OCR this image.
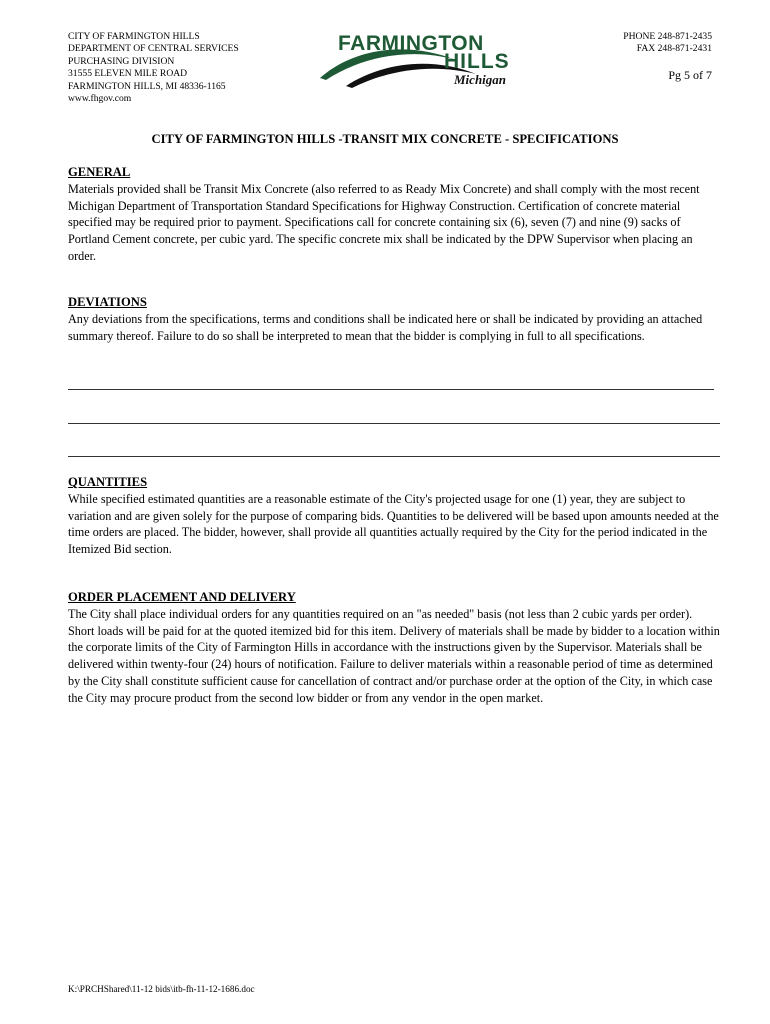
CITY OF FARMINGTON HILLS
DEPARTMENT OF CENTRAL SERVICES
PURCHASING DIVISION
31555 ELEVEN MILE ROAD
FARMINGTON HILLS, MI 48336-1165
www.fhgov.com
FARMINGTON
HILLS
Michigan
PHONE 248-871-2435
FAX 248-871-2431
Pg 5 of 7
CITY OF FARMINGTON HILLS -TRANSIT MIX CONCRETE - SPECIFICATIONS
GENERAL

Materials provided shall be Transit Mix Concrete (also referred to as Ready Mix Concrete) and shall comply with the most recent Michigan Department of Transportation Standard Specifications for Highway Construction. Certification of concrete material specified may be required prior to payment. Specifications call for concrete containing six (6), seven (7) and nine (9) sacks of Portland Cement concrete, per cubic yard. The specific concrete mix shall be indicated by the DPW Supervisor when placing an order.

DEVIATIONS

Any deviations from the specifications, terms and conditions shall be indicated here or shall be indicated by providing an attached summary thereof. Failure to do so shall be interpreted to mean that the bidder is complying in full to all specifications.

QUANTITIES

While specified estimated quantities are a reasonable estimate of the City's projected usage for one (1) year, they are subject to variation and are given solely for the purpose of comparing bids. Quantities to be delivered will be based upon amounts needed at the time orders are placed. The bidder, however, shall provide all quantities actually required by the City for the period indicated in the Itemized Bid section.

ORDER PLACEMENT AND DELIVERY

The City shall place individual orders for any quantities required on an "as needed" basis (not less than 2 cubic yards per order). Short loads will be paid for at the quoted itemized bid for this item. Delivery of materials shall be made by bidder to a location within the corporate limits of the City of Farmington Hills in accordance with the instructions given by the Supervisor. Materials shall be delivered within twenty-four (24) hours of notification. Failure to deliver materials within a reasonable period of time as determined by the City shall constitute sufficient cause for cancellation of contract and/or purchase order at the option of the City, in which case the City may procure product from the second low bidder or from any vendor in the open market.

K:\PRCHShared\11-12 bids\itb-fh-11-12-1686.doc
